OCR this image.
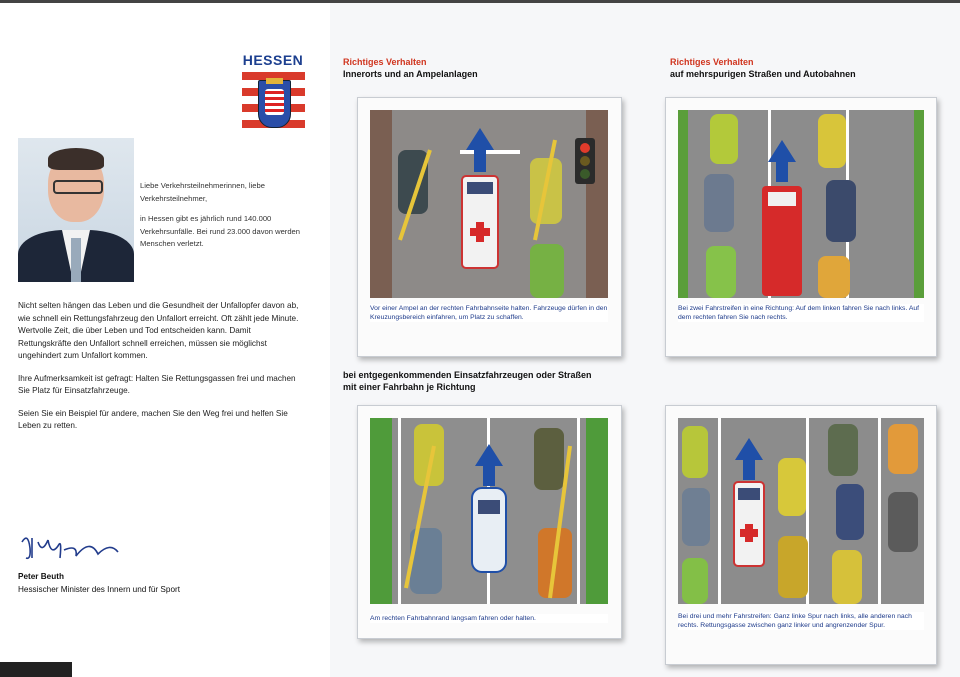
HESSEN

Liebe Verkehrsteilnehmerinnen, liebe Verkehrsteilnehmer,

in Hessen gibt es jährlich rund 140.000 Verkehrsunfälle. Bei rund 23.000 davon werden Menschen verletzt.

Nicht selten hängen das Leben und die Gesundheit der Unfallopfer davon ab, wie schnell ein Rettungsfahrzeug den Unfallort erreicht. Oft zählt jede Minute. Wertvolle Zeit, die über Leben und Tod entscheiden kann. Damit Rettungskräfte den Unfallort schnell erreichen, müssen sie möglichst ungehindert zum Unfallort kommen.

Ihre Aufmerksamkeit ist gefragt: Halten Sie Rettungsgassen frei und machen Sie Platz für Einsatzfahrzeuge.

Seien Sie ein Beispiel für andere, machen Sie den Weg frei und helfen Sie Leben zu retten.

Peter Beuth
Hessischer Minister des Innern und für Sport
Richtiges Verhalten
Innerorts und an Ampelanlagen
Richtiges Verhalten
auf mehrspurigen Straßen und Autobahnen
bei entgegenkommenden Einsatzfahrzeugen oder Straßen mit einer Fahrbahn je Richtung
Vor einer Ampel an der rechten Fahrbahnseite halten. Fahrzeuge dürfen in den Kreuzungsbereich einfahren, um Platz zu schaffen.
Bei zwei Fahrstreifen in eine Richtung: Auf dem linken fahren Sie nach links. Auf dem rechten fahren Sie nach rechts.
Am rechten Fahrbahnrand langsam fahren oder halten.	Bei drei und mehr Fahrstreifen: Ganz linke Spur nach links, alle anderen nach rechts. Rettungsgasse zwischen ganz linker und angrenzender Spur.
